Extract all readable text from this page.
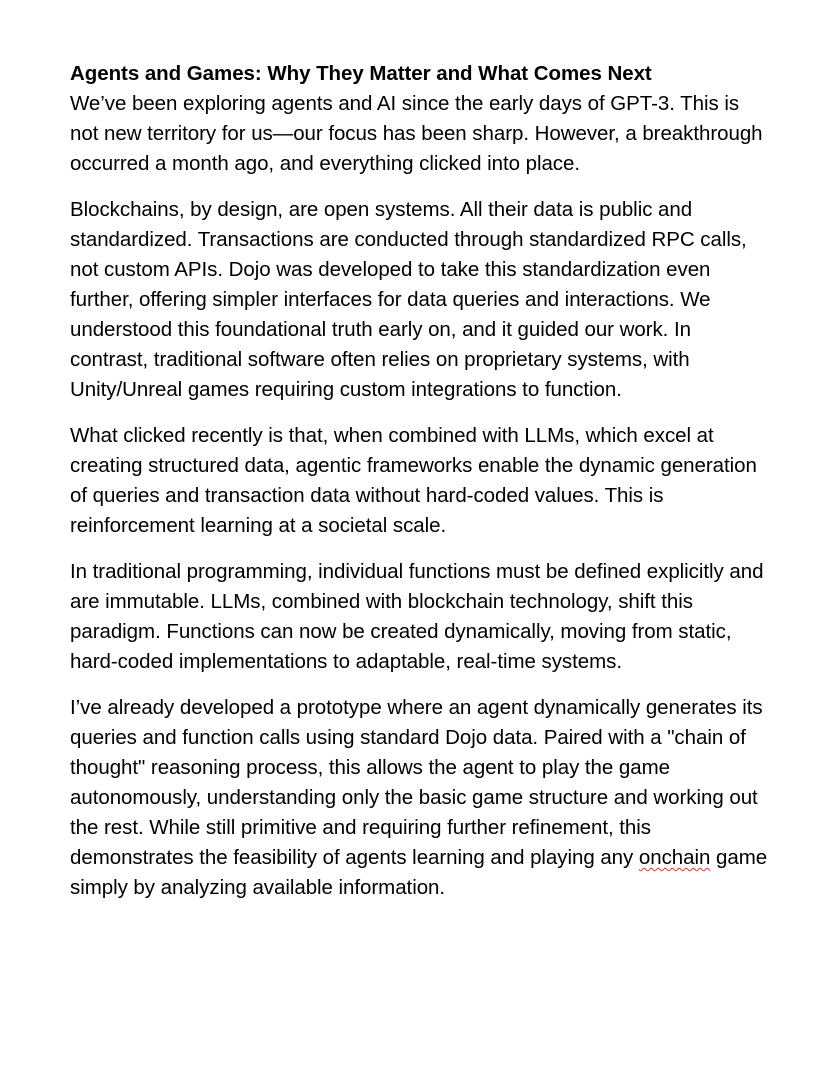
Agents and Games: Why They Matter and What Comes Next

We’ve been exploring agents and AI since the early days of GPT-3. This is not new territory for us—our focus has been sharp. However, a breakthrough occurred a month ago, and everything clicked into place.

Blockchains, by design, are open systems. All their data is public and standardized. Transactions are conducted through standardized RPC calls, not custom APIs. Dojo was developed to take this standardization even further, offering simpler interfaces for data queries and interactions. We understood this foundational truth early on, and it guided our work. In contrast, traditional software often relies on proprietary systems, with Unity/Unreal games requiring custom integrations to function.

What clicked recently is that, when combined with LLMs, which excel at creating structured data, agentic frameworks enable the dynamic generation of queries and transaction data without hard-coded values. This is reinforcement learning at a societal scale.

In traditional programming, individual functions must be defined explicitly and are immutable. LLMs, combined with blockchain technology, shift this paradigm. Functions can now be created dynamically, moving from static, hard-coded implementations to adaptable, real-time systems.

I’ve already developed a prototype where an agent dynamically generates its queries and function calls using standard Dojo data. Paired with a "chain of thought" reasoning process, this allows the agent to play the game autonomously, understanding only the basic game structure and working out the rest. While still primitive and requiring further refinement, this demonstrates the feasibility of agents learning and playing any onchain game simply by analyzing available information.
